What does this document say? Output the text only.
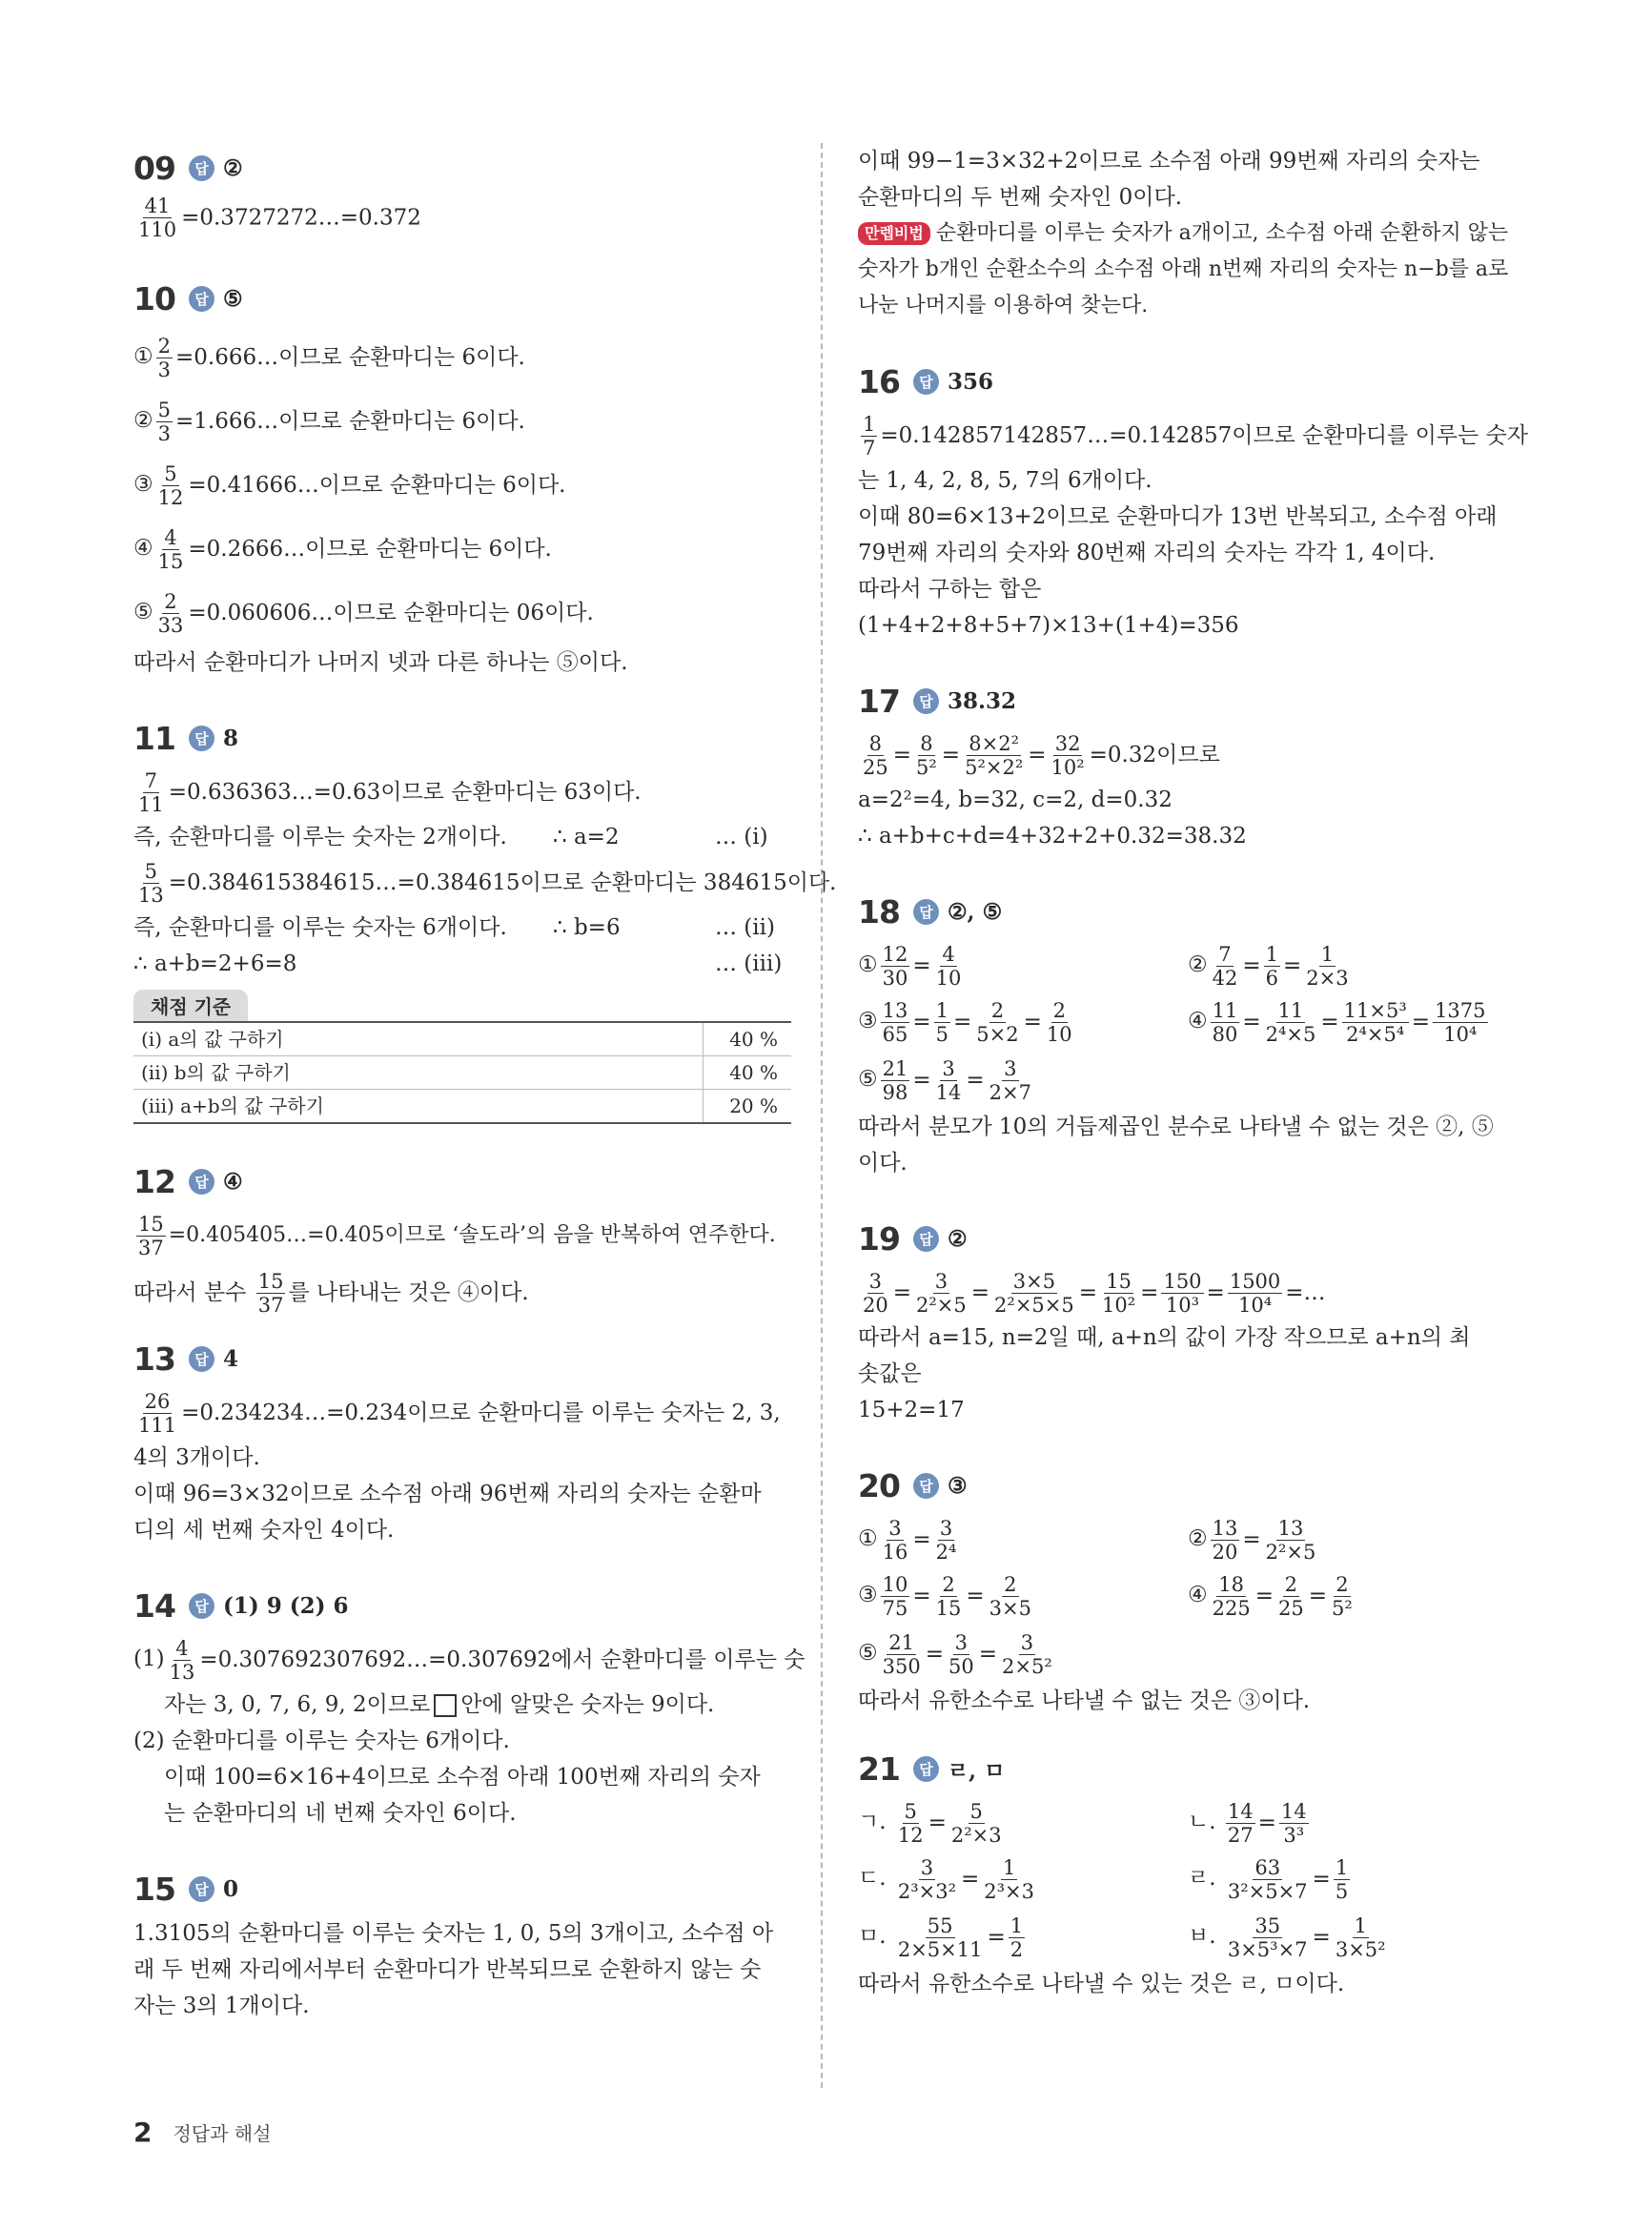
09	답 ②
$\frac{41}{110}$ =0.3727272…=0.372
10	답 ⑤
① $\frac{2}{3}$ =0.666…이므로 순환마디는 6이다.
② $\frac{5}{3}$ =1.666…이므로 순환마디는 6이다.
③ $\frac{5}{12}$ =0.41666…이므로 순환마디는 6이다.
④ $\frac{4}{15}$ =0.2666…이므로 순환마디는 6이다.
⑤ $\frac{2}{33}$ =0.060606…이므로 순환마디는 06이다.
따라서 순환마디가 나머지 넷과 다른 하나는 ⑤이다.
11	답 8
$\frac{7}{11}$ =0.636363…=0.63이므로 순환마디는 63이다.
즉, 순환마디를 이루는 숫자는 2개이다.	∴ a=2	… (i)
$\frac{5}{13}$ =0.384615384615…=0.384615이므로 순환마디는 384615이다.
즉, 순환마디를 이루는 숫자는 6개이다.	∴ b=6	… (ii)
∴ a+b=2+6=8	… (iii)
채점 기준
(i) a의 값 구하기	40 %
(ii) b의 값 구하기	40 %
(iii) a+b의 값 구하기	20 %
12	답 ④
$\frac{15}{37}$ =0.405405…=0.405이므로 ‘솔도라’의 음을 반복하여 연주한다.
따라서 분수 $\frac{15}{37}$ 를 나타내는 것은 ④이다.
13	답 4
$\frac{26}{111}$ =0.234234…=0.234이므로 순환마디를 이루는 숫자는 2, 3,
4의 3개이다.
이때 96=3×32이므로 소수점 아래 96번째 자리의 숫자는 순환마
디의 세 번째 숫자인 4이다.
14	답 (1) 9 (2) 6
$(1) \frac{4}{13}$ =0.307692307692…=0.307692에서 순환마디를 이루는 숫
자는 3, 0, 7, 6, 9, 2이므로 안에 알맞은 숫자는 9이다.
(2) 순환마디를 이루는 숫자는 6개이다.
이때 100=6×16+4이므로 소수점 아래 100번째 자리의 숫자
는 순환마디의 네 번째 숫자인 6이다.
15	답 0
1.3105의 순환마디를 이루는 숫자는 1, 0, 5의 3개이고, 소수점 아
래 두 번째 자리에서부터 순환마디가 반복되므로 순환하지 않는 숫
자는 3의 1개이다.
이때 99−1=3×32+2이므로 소수점 아래 99번째 자리의 숫자는
순환마디의 두 번째 숫자인 0이다.
만렙비법 순환마디를 이루는 숫자가 a개이고, 소수점 아래 순환하지 않는
숫자가 b개인 순환소수의 소수점 아래 n번째 자리의 숫자는 n−b를 a로
나눈 나머지를 이용하여 찾는다.
16	답 356
$\frac{1}{7}$ =0.142857142857…=0.142857이므로 순환마디를 이루는 숫자
는 1, 4, 2, 8, 5, 7의 6개이다.
이때 80=6×13+2이므로 순환마디가 13번 반복되고, 소수점 아래
79번째 자리의 숫자와 80번째 자리의 숫자는 각각 1, 4이다.
따라서 구하는 합은
(1+4+2+8+5+7)×13+(1+4)=356
17	답 38.32
$\frac{8}{25} = \frac{8}{\text{5²}} = \frac{\text{8×2²}}{\text{5²×2²}} = \frac{32}{\text{10²}} =0.32$이므로
a=2²=4, b=32, c=2, d=0.32
∴ a+b+c+d=4+32+2+0.32=38.32
18	답 ②, ⑤
① $\frac{12}{30} = \frac{4}{10}$	② $\frac{7}{42} = \frac{1}{6} = \frac{1}{2\times 3}$
③ $\frac{13}{65} = \frac{1}{5} = \frac{2}{5\times 2} = \frac{2}{10}$	④ $\frac{11}{80} = \frac{11}{\text{2⁴×5}} = \frac{\text{11×5³}}{\text{2⁴×5⁴}} = \frac{1375}{\text{10⁴}}$
⑤ $\frac{21}{98} = \frac{3}{14} = \frac{3}{2\times 7}$
따라서 분모가 10의 거듭제곱인 분수로 나타낼 수 없는 것은 ②, ⑤
이다.
19	답 ②
$\frac{3}{20} = \frac{3}{\text{2²×5}} = \frac{3\times 5}{\text{2²×5×5}} = \frac{15}{\text{10²}} = \frac{150}{\text{10³}} = \frac{1500}{\text{10⁴}}$ =…
따라서 a=15, n=2일 때, a+n의 값이 가장 작으므로 a+n의 최
솟값은
15+2=17
20	답 ③
① $\frac{3}{16} = \frac{3}{\text{2⁴}}$	② $\frac{13}{20} = \frac{13}{\text{2²×5}}$
③ $\frac{10}{75} = \frac{2}{15} = \frac{2}{3\times 5}$	④ $\frac{18}{225} = \frac{2}{25} = \frac{2}{\text{5²}}$
⑤ $\frac{21}{350} = \frac{3}{50} = \frac{3}{\text{2×5²}}$
따라서 유한소수로 나타낼 수 없는 것은 ③이다.
21	답 ㄹ, ㅁ
ㄱ. $\frac{5}{12} = \frac{5}{\text{2²×3}}$	ㄴ. $\frac{14}{27} = \frac{14}{\text{3³}}$
ㄷ. $\frac{3}{\text{2³×3²}} = \frac{1}{\text{2³×3}}$	ㄹ. $\frac{63}{\text{3²×5×7}} = \frac{1}{5}$
ㅁ. $\frac{55}{2\times 5\times 11} = \frac{1}{2}$	ㅂ. $\frac{35}{\text{3×5³×7}} = \frac{1}{\text{3×5²}}$
따라서 유한소수로 나타낼 수 있는 것은 ㄹ, ㅁ이다.
2 정답과 해설
